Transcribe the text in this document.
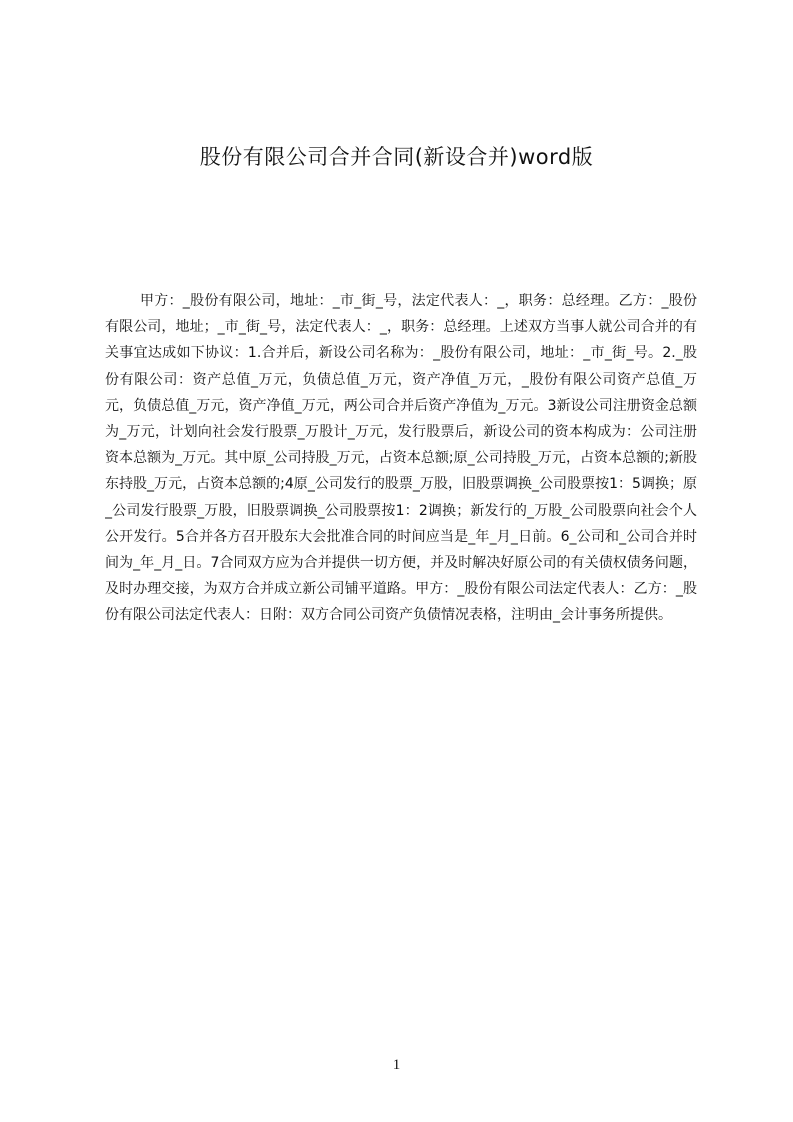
股份有限公司合并合同(新设合并)word版

甲方：_股份有限公司，地址：_市_街_号，法定代表人：_，职务：总经理。乙方：_股份有限公司，地址；_市_街_号，法定代表人：_，职务：总经理。上述双方当事人就公司合并的有关事宜达成如下协议：1.合并后，新设公司名称为：_股份有限公司，地址：_市_街_号。2._股份有限公司：资产总值_万元，负债总值_万元，资产净值_万元，_股份有限公司资产总值_万元，负债总值_万元，资产净值_万元，两公司合并后资产净值为_万元。3新设公司注册资金总额为_万元，计划向社会发行股票_万股计_万元，发行股票后，新设公司的资本构成为：公司注册资本总额为_万元。其中原_公司持股_万元，占资本总额;原_公司持股_万元，占资本总额的;新股东持股_万元，占资本总额的;4原_公司发行的股票_万股，旧股票调换_公司股票按1：5调换；原_公司发行股票_万股，旧股票调换_公司股票按1：2调换；新发行的_万股_公司股票向社会个人公开发行。5合并各方召开股东大会批准合同的时间应当是_年_月_日前。6_公司和_公司合并时间为_年_月_日。7合同双方应为合并提供一切方便，并及时解决好原公司的有关债权债务问题，及时办理交接，为双方合并成立新公司铺平道路。甲方：_股份有限公司法定代表人：乙方：_股份有限公司法定代表人：日附：双方合同公司资产负债情况表格，注明由_会计事务所提供。

1
